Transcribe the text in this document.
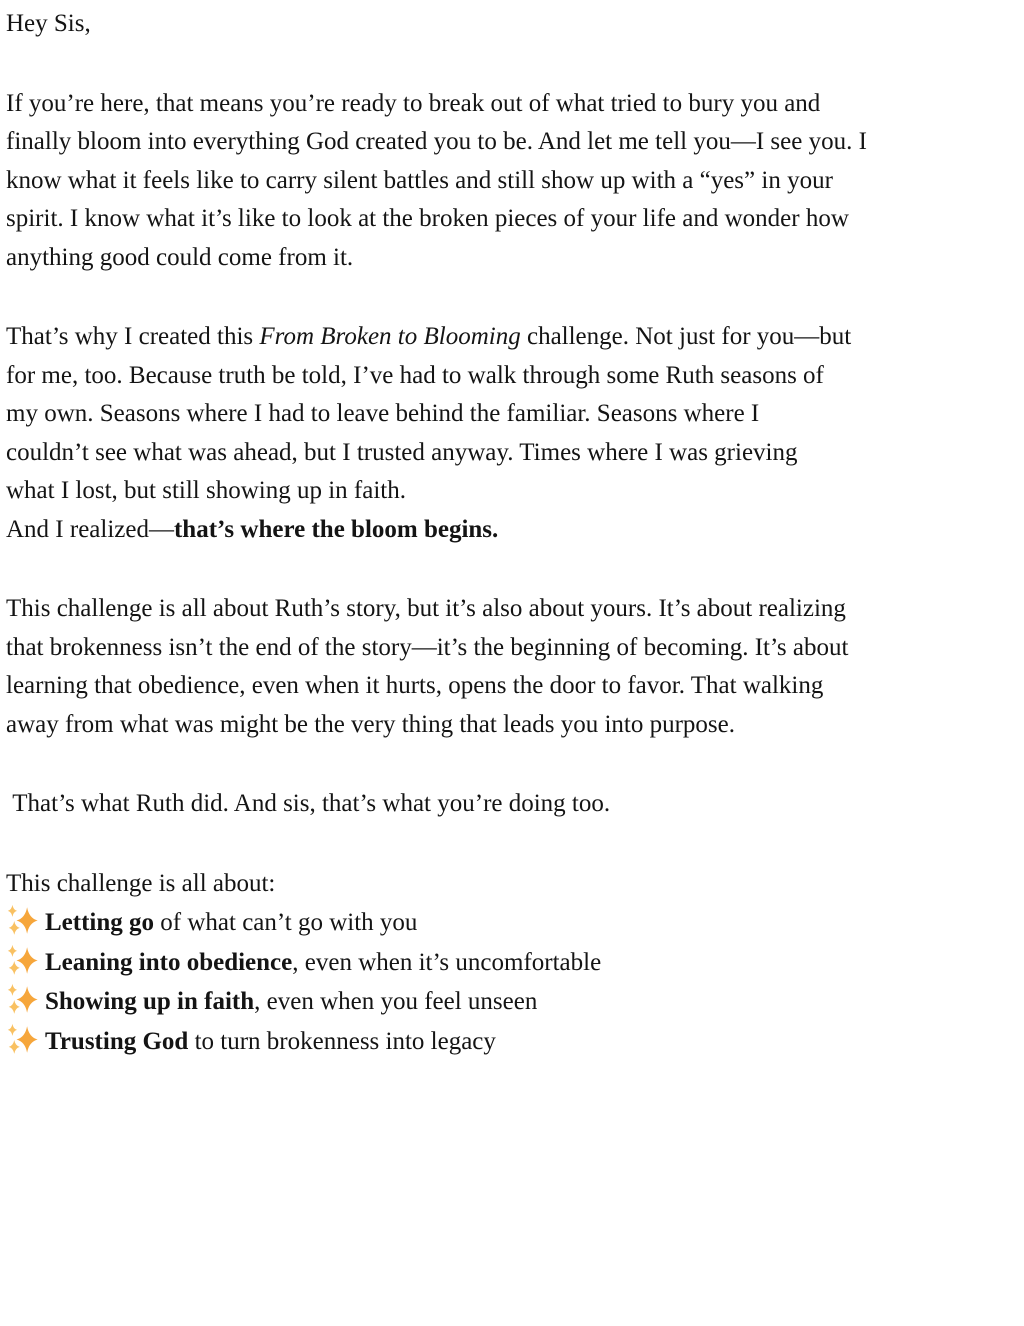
Hey Sis,

If you’re here, that means you’re ready to break out of what tried to bury you and
finally bloom into everything God created you to be. And let me tell you—I see you. I
know what it feels like to carry silent battles and still show up with a “yes” in your
spirit. I know what it’s like to look at the broken pieces of your life and wonder how
anything good could come from it.

That’s why I created this From Broken to Blooming challenge. Not just for you—but
for me, too. Because truth be told, I’ve had to walk through some Ruth seasons of
my own. Seasons where I had to leave behind the familiar. Seasons where I
couldn’t see what was ahead, but I trusted anyway. Times where I was grieving
what I lost, but still showing up in faith.
And I realized—that’s where the bloom begins.

This challenge is all about Ruth’s story, but it’s also about yours. It’s about realizing
that brokenness isn’t the end of the story—it’s the beginning of becoming. It’s about
learning that obedience, even when it hurts, opens the door to favor. That walking
away from what was might be the very thing that leads you into purpose.

That’s what Ruth did. And sis, that’s what you’re doing too.

This challenge is all about:
Letting go of what can’t go with you
Leaning into obedience, even when it’s uncomfortable
Showing up in faith, even when you feel unseen
Trusting God to turn brokenness into legacy
